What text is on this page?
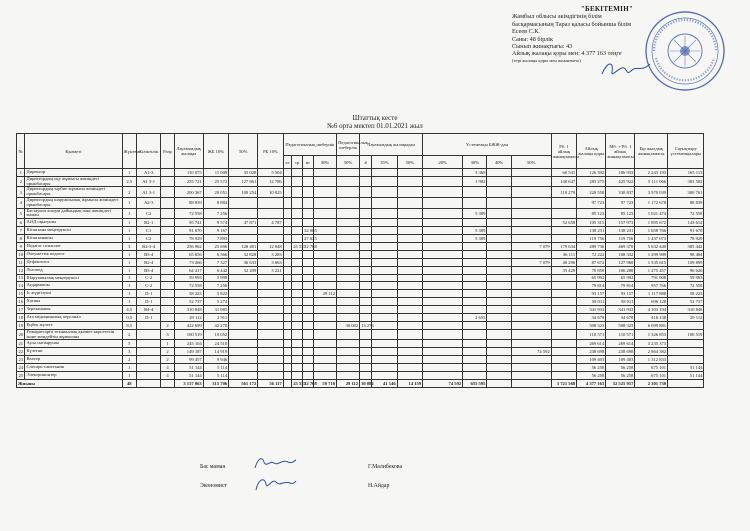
"БЕКІТЕМІН"
Жамбыл облысы әкімдігінің білім
басқармасының Тараз қаласы бойынша білім
Есеев С.К.
Саны: 48 бірлік
Сынып жинақтығы: 43
Айлық жалақы қоры мен: 4 377 163 теңге
(тері жалақы қоры мен жиынтығы)
Штаттық кесте
№6 орта мектеп 01.01.2021 жыл
№	Қызметі	Жүктеме	Біліктілік	Разр	Лауазымдық жалақы	ЖБ 10%	50%	РБ 10%	Педагогикалық шеберлік				Педагогикалық шеберлік	Лауазымдық жалақыдан			Үстемеақы БЖЖ-дан				Рб. 1 айлық жинақтамасы	Айлық жалақы қоры	Мб. + Рб. 1 айлық жинақтамасы	Бір жылдық жинақтамасы	Сауықтыру үстемеақылары
									аз	ср	вс	30%	50%	#	35%	50%	20%	30%	40%	50%					
1	Директор	1	А1-3		110 075	11 008	35 028	5 504										3 369			60 541	126 392	186 933	2 243 193	165 113
2	Директордың оқу жұмысы жөніндегі орынбасары	2,5	А1 3-1		255 721	25 572	127 861	12 786										1 982			140 647	285 275	425 922	5 111 066	383 582
3	Директордың тәрбие жұмысы жөніндегі орынбасары	2	А1 3-1		200 367	20 051	100 254	10 025													110 279	220 558	330 837	3 970 039	300 761
4	Директордың шаруашылық жұмысы жөніндегі орынбасары	1	А2-3		88 839	8 884																97 723	97 723	1 172 678	88 839
5	Бастауыш әскери дайындық пәні жөніндегі маман	1	С2		72 558	7 256												5 309				85 123	85 123	1 021 474	72 558
6	АӘД оқытушы	1	В2-1		95 741	9 574	47 871	4 787													52 658	105 315	157 973	1 895 672	143 612
7	Кітапхана меңгерушісі	1	С1		91 670	9 167					32 085							5 309				138 231	138 231	1 658 766	91 670
8	Кітапханашы	1	С2		78 929	7 893					27 625							5 309				119 756	119 756	1 437 073	78 929
9	Педагог психолог	3	В2-3-4		256 962	25 696	128 481	12 848		25 537	12 768									7 079	179 634	289 736	469 370	5 632 440	385 442
10	Әлеуметтік педагог	1	В3-4		65 656	6 566	32 828	3 283													36 111	72 222	108 332	1 299 989	98 484
11	Дефектолог	1	В2-4		73 266	7 327	36 633	3 663												7 079	40 296	87 672	127 968	1 535 615	109 899
12	Логопед	1	В3-4		64 417	6 442	32 209	3 221													35 429	70 859	106 288	1 275 457	96 626
13	Шаруашылық меңгерушісі	1	С-2		59 993	5 999																65 992	65 992	791 908	59 993
14	Аудармашы	1	С-2		72 558	7 256																79 814	79 814	957 766	72 558
15	Іс жүргізуші	1	D-1		58 223	5 822						29 112										93 157	93 157	1 117 888	58 223
16	Хатшы	1	D-1		52 737	5 274																58 011	58 011	696 128	52 737
17	Зертханашы	4,5	В4-4		310 848	31 085																341 933	341 933	4 103 194	310 848
18	Аға медициналық персонал	0,5	D-1		29 112	2 911												2 655				34 678	34 678	416 138	29 112
19	Еңбек жүзеге	8,5		2	422 699	42 270							30 082	13 273								508 323	508 323	6 099 881	
20	Ғимараттарға техникалық қызмет көрсететін және жөндейтін жұмысшы	2		3	100 519	10 052																110 571	110 571	1 326 853	100 519
21	Аула сыпырушы	5		1	245 104	24 510																269 614	269 614	3 235 373	
22	Күзетші	3		2	149 187	14 919														74 592		238 698	238 698	2 864 382	
23	Вахтер	2		2	99 457	9 946																109 403	109 403	1 312 833	
24	Слесарь-сантехник	1		4	51 144	5 114																56 258	56 258	675 101	51 144
25	Электромонтер	1		4	51 144	5 114																56 258	56 258	675 101	51 144
Жиыны		48			3 157 063	315 706	561 172	56 117		25 537	12 768	59 710	29 112	30 082	41 146	14 159	74 592	655 595			3 721 568	4 377 163	52 525 957	2 301 730	
Бас маман	Г.Малибекова
Экономист	Н.Айдар
